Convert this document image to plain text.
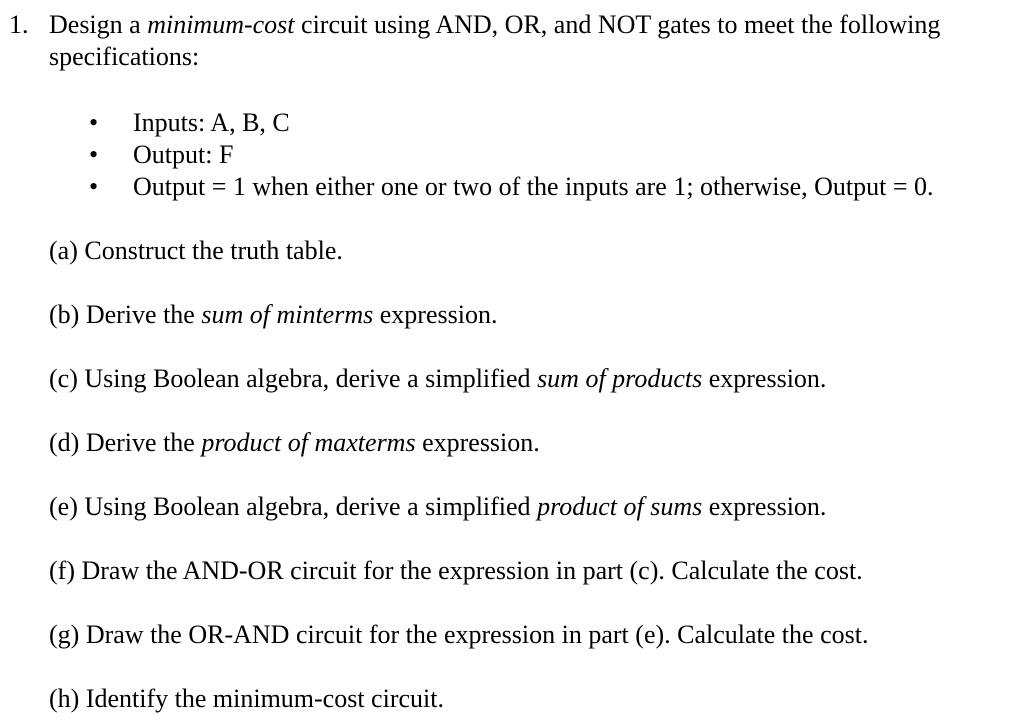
1. Design a minimum-cost circuit using AND, OR, and NOT gates to meet the following specifications:
• Inputs: A, B, C
• Output: F
• Output = 1 when either one or two of the inputs are 1; otherwise, Output = 0.
(a) Construct the truth table.
(b) Derive the sum of minterms expression.
(c) Using Boolean algebra, derive a simplified sum of products expression.
(d) Derive the product of maxterms expression.
(e) Using Boolean algebra, derive a simplified product of sums expression.
(f) Draw the AND-OR circuit for the expression in part (c). Calculate the cost.
(g) Draw the OR-AND circuit for the expression in part (e). Calculate the cost.
(h) Identify the minimum-cost circuit.
